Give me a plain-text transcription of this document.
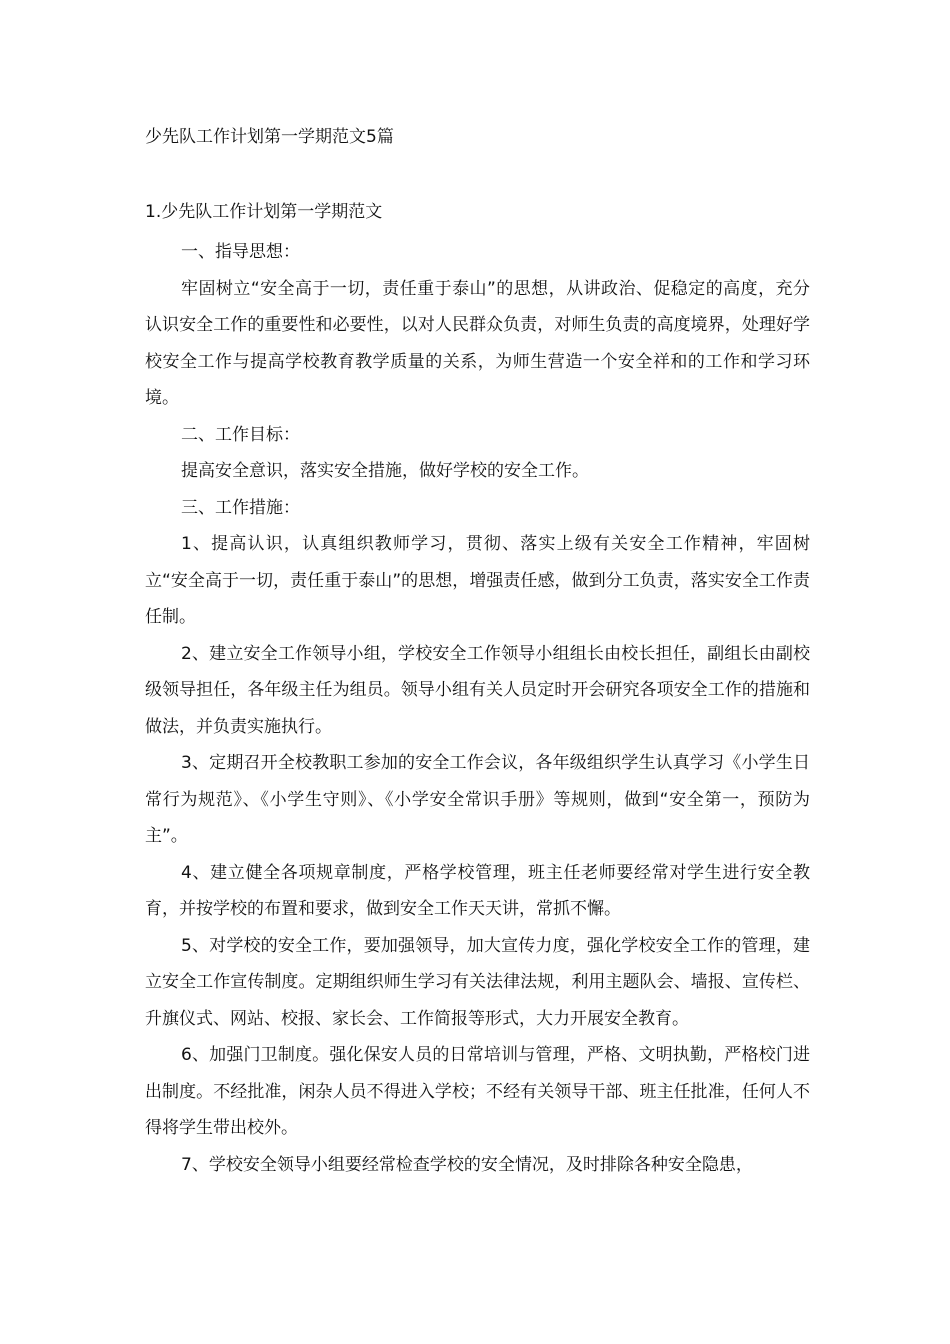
少先队工作计划第一学期范文5篇
1.少先队工作计划第一学期范文

一、指导思想：

牢固树立“安全高于一切，责任重于泰山”的思想，从讲政治、促稳定的高度，充分认识安全工作的重要性和必要性，以对人民群众负责，对师生负责的高度境界，处理好学校安全工作与提高学校教育教学质量的关系，为师生营造一个安全祥和的工作和学习环境。

二、工作目标：

提高安全意识，落实安全措施，做好学校的安全工作。

三、工作措施：

1、提高认识，认真组织教师学习，贯彻、落实上级有关安全工作精神，牢固树立“安全高于一切，责任重于泰山”的思想，增强责任感，做到分工负责，落实安全工作责任制。

2、建立安全工作领导小组，学校安全工作领导小组组长由校长担任，副组长由副校级领导担任，各年级主任为组员。领导小组有关人员定时开会研究各项安全工作的措施和做法，并负责实施执行。

3、定期召开全校教职工参加的安全工作会议，各年级组织学生认真学习《小学生日常行为规范》、《小学生守则》、《小学安全常识手册》等规则，做到“安全第一，预防为主”。

4、建立健全各项规章制度，严格学校管理，班主任老师要经常对学生进行安全教育，并按学校的布置和要求，做到安全工作天天讲，常抓不懈。

5、对学校的安全工作，要加强领导，加大宣传力度，强化学校安全工作的管理，建立安全工作宣传制度。定期组织师生学习有关法律法规，利用主题队会、墙报、宣传栏、升旗仪式、网站、校报、家长会、工作简报等形式，大力开展安全教育。

6、加强门卫制度。强化保安人员的日常培训与管理，严格、文明执勤，严格校门进出制度。不经批准，闲杂人员不得进入学校；不经有关领导干部、班主任批准，任何人不得将学生带出校外。

7、学校安全领导小组要经常检查学校的安全情况，及时排除各种安全隐患，
